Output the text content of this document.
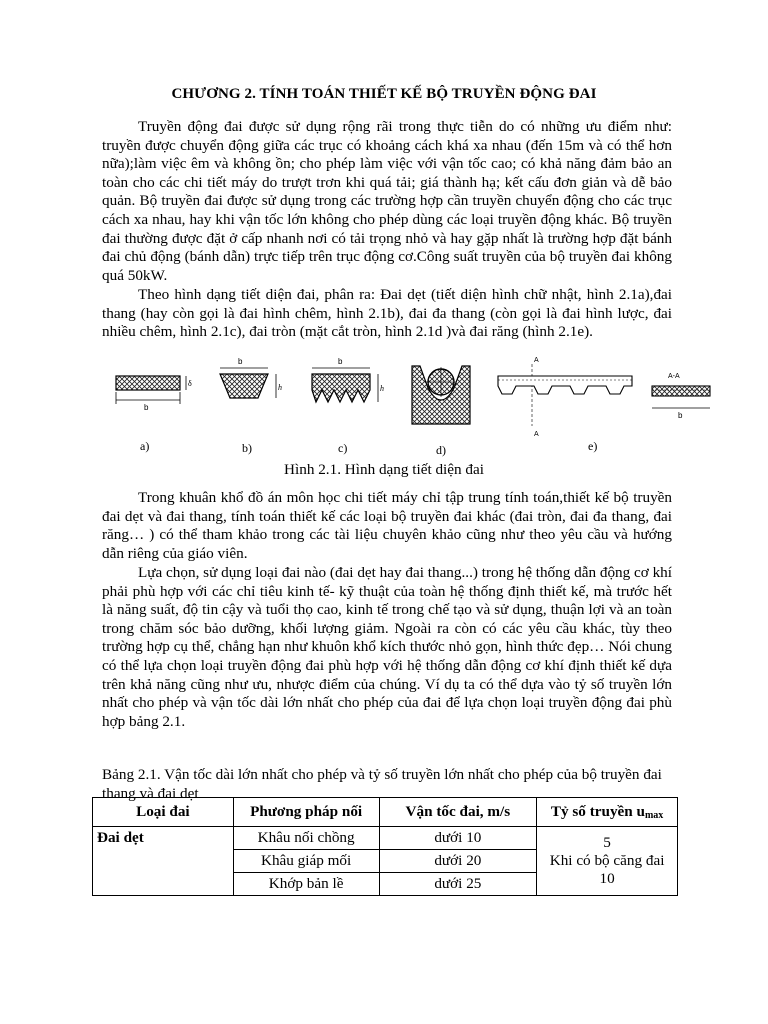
CHƯƠNG 2. TÍNH TOÁN THIẾT KẾ BỘ TRUYỀN ĐỘNG ĐAI

Truyền động đai được sử dụng rộng rãi trong thực tiễn do có những ưu điểm như: truyền được chuyển động giữa các trục có khoảng cách khá xa nhau (đến 15m và có thể hơn nữa);làm việc êm và không ồn; cho phép làm việc với vận tốc cao; có khả năng đảm bảo an toàn cho các chi tiết máy do trượt trơn khi quá tải; giá thành hạ; kết cấu đơn giản và dễ bảo quản. Bộ truyền đai được sử dụng trong các trường hợp cần truyền chuyển động cho các trục cách xa nhau, hay khi vận tốc lớn không cho phép dùng các loại truyền động khác. Bộ truyền đai thường được đặt ở cấp nhanh nơi có tải trọng nhỏ và hay gặp nhất là trường hợp đặt bánh đai chủ động (bánh dẫn) trực tiếp trên trục động cơ.Công suất truyền của bộ truyền đai không quá 50kW.

Theo hình dạng tiết diện đai, phân ra: Đai dẹt (tiết diện hình chữ nhật, hình 2.1a),đai thang (hay còn gọi là đai hình chêm, hình 2.1b), đai đa thang (còn gọi là đai hình lược, đai nhiều chêm, hình 2.1c), đai tròn (mặt cắt tròn, hình 2.1d )và đai răng (hình 2.1e).

b
δ
b
h
b
h
A
A
A-A
b
a)	b)	c)	d)	e)
Hình 2.1. Hình dạng tiết diện đai

Trong khuân khổ đồ án môn học chi tiết máy chỉ tập trung tính toán,thiết kế bộ truyền đai dẹt và đai thang, tính toán thiết kế các loại bộ truyền đai khác (đai tròn, đai đa thang, đai răng… ) có thể tham khảo trong các tài liệu chuyên khảo cũng như theo yêu cầu và hướng dẫn riêng của giáo viên.

Lựa chọn, sử dụng loại đai nào (đai dẹt hay đai thang...) trong hệ thống dẫn động cơ khí phải phù hợp với các chỉ tiêu kinh tế- kỹ thuật của toàn hệ thống định thiết kế, mà trước hết là năng suất, độ tin cậy và tuổi thọ cao, kinh tế trong chế tạo và sử dụng, thuận lợi và an toàn trong chăm sóc bảo dưỡng, khối lượng giảm. Ngoài ra còn có các yêu cầu khác, tùy theo trường hợp cụ thể, chẳng hạn như khuôn khổ kích thước nhỏ gọn, hình thức đẹp… Nói chung có thể lựa chọn loại truyền động đai phù hợp với hệ thống dẫn động cơ khí định thiết kế dựa trên khả năng cũng như ưu, nhược điểm của chúng. Ví dụ ta có thể dựa vào tỷ số truyền lớn nhất cho phép và vận tốc dài lớn nhất cho phép của đai để lựa chọn loại truyền động đai phù hợp bảng 2.1.

Bảng 2.1. Vận tốc dài lớn nhất cho phép và tỷ số truyền lớn nhất cho phép của bộ truyền đai thang và đai dẹt
Loại đai	Phương pháp nối	Vận tốc đai, m/s	Tỷ số truyền $u_{max}$
Đai dẹt	Khâu nối chồng	dưới 10	5
Khi có bộ căng đai 10

	Khâu giáp mối	dưới 20	
	Khớp bản lề	dưới 25	
